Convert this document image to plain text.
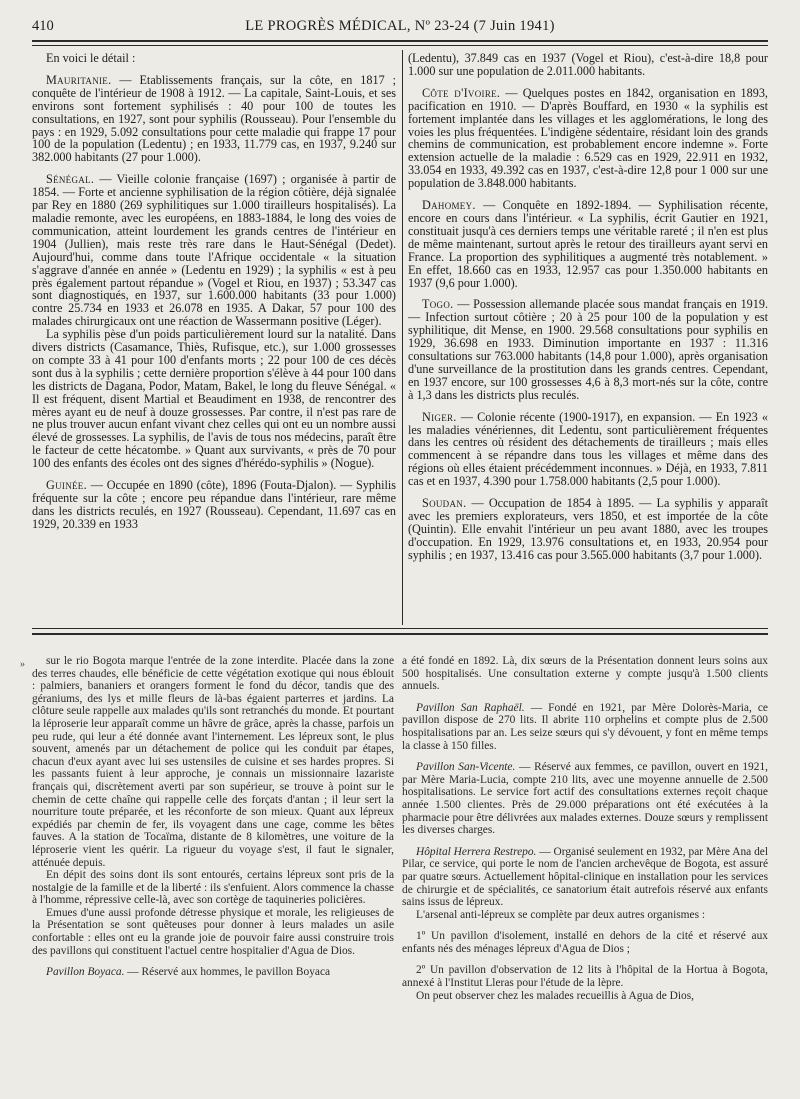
410	LE PROGRÈS MÉDICAL, Nº 23-24 (7 Juin 1941)

En voici le détail :

Mauritanie. — Etablissements français, sur la côte, en 1817 ; conquête de l'intérieur de 1908 à 1912. — La capitale, Saint-Louis, et ses environs sont fortement syphilisés : 40 pour 100 de toutes les consultations, en 1927, sont pour syphilis (Rousseau). Pour l'ensemble du pays : en 1929, 5.092 consultations pour cette maladie qui frappe 17 pour 100 de la population (Ledentu) ; en 1933, 11.779 cas, en 1937, 9.240 sur 382.000 habitants (27 pour 1.000).

Sénégal. — Vieille colonie française (1697) ; organisée à partir de 1854. — Forte et ancienne syphilisation de la région côtière, déjà signalée par Rey en 1880 (269 syphilitiques sur 1.000 tirailleurs hospitalisés). La maladie remonte, avec les européens, en 1883-1884, le long des voies de communication, atteint lourdement les grands centres de l'intérieur en 1904 (Jullien), mais reste très rare dans le Haut-Sénégal (Dedet). Aujourd'hui, comme dans toute l'Afrique occidentale « la situation s'aggrave d'année en année » (Ledentu en 1929) ; la syphilis « est à peu près également partout répandue » (Vogel et Riou, en 1937) ; 53.347 cas sont diagnostiqués, en 1937, sur 1.600.000 habitants (33 pour 1.000) contre 25.734 en 1933 et 26.078 en 1935. A Dakar, 57 pour 100 des malades chirurgicaux ont une réaction de Wassermann positive (Léger).

La syphilis pèse d'un poids particulièrement lourd sur la natalité. Dans divers districts (Casamance, Thiès, Rufisque, etc.), sur 1.000 grossesses on compte 33 à 41 pour 100 d'enfants morts ; 22 pour 100 de ces décès sont dus à la syphilis ; cette dernière proportion s'élève à 44 pour 100 dans les districts de Dagana, Podor, Matam, Bakel, le long du fleuve Sénégal. « Il est fréquent, disent Martial et Beaudiment en 1938, de rencontrer des mères ayant eu de neuf à douze grossesses. Par contre, il n'est pas rare de ne plus trouver aucun enfant vivant chez celles qui ont eu un nombre aussi élevé de grossesses. La syphilis, de l'avis de tous nos médecins, paraît être le facteur de cette hécatombe. » Quant aux survivants, « près de 70 pour 100 des enfants des écoles ont des signes d'hérédo-syphilis » (Nogue).

Guinée. — Occupée en 1890 (côte), 1896 (Fouta-Djalon). — Syphilis fréquente sur la côte ; encore peu répandue dans l'intérieur, rare même dans les districts reculés, en 1927 (Rousseau). Cependant, 11.697 cas en 1929, 20.339 en 1933

(Ledentu), 37.849 cas en 1937 (Vogel et Riou), c'est-à-dire 18,8 pour 1.000 sur une population de 2.011.000 habitants.

Côte d'Ivoire. — Quelques postes en 1842, organisation en 1893, pacification en 1910. — D'après Bouffard, en 1930 « la syphilis est fortement implantée dans les villages et les agglomérations, le long des voies les plus fréquentées. L'indigène sédentaire, résidant loin des grands chemins de communication, est probablement encore indemne ». Forte extension actuelle de la maladie : 6.529 cas en 1929, 22.911 en 1932, 33.054 en 1933, 49.392 cas en 1937, c'est-à-dire 12,8 pour 1 000 sur une population de 3.848.000 habitants.

Dahomey. — Conquête en 1892-1894. — Syphilisation récente, encore en cours dans l'intérieur. « La syphilis, écrit Gautier en 1921, constituait jusqu'à ces derniers temps une véritable rareté ; il n'en est plus de même maintenant, surtout après le retour des tirailleurs ayant servi en France. La proportion des syphilitiques a augmenté très notablement. » En effet, 18.660 cas en 1933, 12.957 cas pour 1.350.000 habitants en 1937 (9,6 pour 1.000).

Togo. — Possession allemande placée sous mandat français en 1919. — Infection surtout côtière ; 20 à 25 pour 100 de la population y est syphilitique, dit Mense, en 1900. 29.568 consultations pour syphilis en 1929, 36.698 en 1933. Diminution importante en 1937 : 11.316 consultations sur 763.000 habitants (14,8 pour 1.000), après organisation d'une surveillance de la prostitution dans les grands centres. Cependant, en 1937 encore, sur 100 grossesses 4,6 à 8,3 mort-nés sur la côte, contre à 1,3 dans les districts plus reculés.

Niger. — Colonie récente (1900-1917), en expansion. — En 1923 « les maladies vénériennes, dit Ledentu, sont particulièrement fréquentes dans les centres où résident des détachements de tirailleurs ; mais elles commencent à se répandre dans tous les villages et même dans des régions où elles étaient précédemment inconnues. » Déjà, en 1933, 7.811 cas et en 1937, 4.390 pour 1.758.000 habitants (2,5 pour 1.000).

Soudan. — Occupation de 1854 à 1895. — La syphilis y apparaît avec les premiers explorateurs, vers 1850, et est importée de la côte (Quintin). Elle envahit l'intérieur un peu avant 1880, avec les troupes d'occupation. En 1929, 13.976 consultations et, en 1933, 20.954 pour syphilis ; en 1937, 13.416 cas pour 3.565.000 habitants (3,7 pour 1.000).

»	sur le rio Bogota marque l'entrée de la zone interdite. Placée dans la zone des terres chaudes, elle bénéficie de cette végétation exotique qui nous éblouit : palmiers, bananiers et orangers forment le fond du décor, tandis que des géraniums, des lys et mille fleurs de là-bas égaient parterres et jardins. La clôture seule rappelle aux malades qu'ils sont retranchés du monde. Et pourtant la léproserie leur apparaît comme un hâvre de grâce, après la chasse, parfois un peu rude, qui leur a été donnée avant l'internement. Les lépreux sont, le plus souvent, amenés par un détachement de police qui les conduit par étapes, chacun d'eux ayant avec lui ses ustensiles de cuisine et ses hardes propres. Si les passants fuient à leur approche, je connais un missionnaire lazariste français qui, discrètement averti par son supérieur, se trouve à point sur le chemin de cette chaîne qui rappelle celle des forçats d'antan ; il leur sert la nourriture toute préparée, et les réconforte de son mieux. Quant aux lépreux expédiés par chemin de fer, ils voyagent dans une cage, comme les bêtes fauves. A la station de Tocaïma, distante de 8 kilomètres, une voiture de la léproserie vient les quérir. La rigueur du voyage s'est, il faut le signaler, atténuée depuis.

En dépit des soins dont ils sont entourés, certains lépreux sont pris de la nostalgie de la famille et de la liberté : ils s'enfuient. Alors commence la chasse à l'homme, répressive celle-là, avec son cortège de taquineries policières.

Emues d'une aussi profonde détresse physique et morale, les religieuses de la Présentation se sont quêteuses pour donner à leurs malades un asile confortable : elles ont eu la grande joie de pouvoir faire aussi construire trois des pavillons qui constituent l'actuel centre hospitalier d'Agua de Dios.

Pavillon Boyaca. — Réservé aux hommes, le pavillon Boyaca

a été fondé en 1892. Là, dix sœurs de la Présentation donnent leurs soins aux 500 hospitalisés. Une consultation externe y compte jusqu'à 1.500 clients annuels.

Pavillon San Raphaël. — Fondé en 1921, par Mère Dolorès-Maria, ce pavillon dispose de 270 lits. Il abrite 110 orphelins et compte plus de 2.500 hospitalisations par an. Les seize sœurs qui s'y dévouent, y font en même temps la classe à 150 filles.

Pavillon San-Vicente. — Réservé aux femmes, ce pavillon, ouvert en 1921, par Mère Maria-Lucia, compte 210 lits, avec une moyenne annuelle de 2.500 hospitalisations. Le service fort actif des consultations externes reçoit chaque année 1.500 clientes. Près de 29.000 préparations ont été exécutées à la pharmacie pour être délivrées aux malades externes. Douze sœurs y remplissent les diverses charges.

Hôpital Herrera Restrepo. — Organisé seulement en 1932, par Mère Ana del Pilar, ce service, qui porte le nom de l'ancien archevêque de Bogota, est assuré par quatre sœurs. Actuellement hôpital-clinique en installation pour les services de chirurgie et de spécialités, ce sanatorium était autrefois réservé aux enfants sains issus de lépreux.

L'arsenal anti-lépreux se complète par deux autres organismes :

1º Un pavillon d'isolement, installé en dehors de la cité et réservé aux enfants nés des ménages lépreux d'Agua de Dios ;

2º Un pavillon d'observation de 12 lits à l'hôpital de la Hortua à Bogota, annexé à l'Institut Lleras pour l'étude de la lèpre.

On peut observer chez les malades recueillis à Agua de Dios,
